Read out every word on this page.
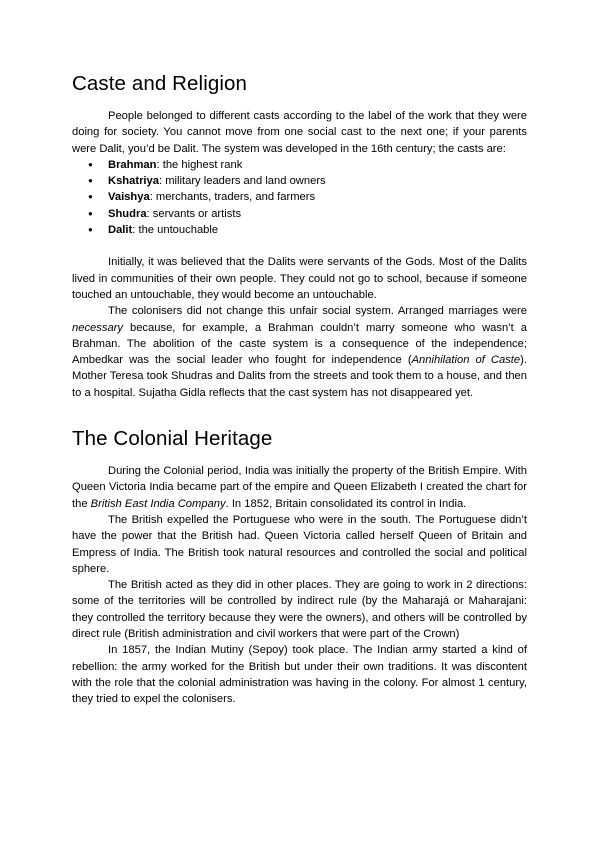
Caste and Religion

People belonged to different casts according to the label of the work that they were doing for society. You cannot move from one social cast to the next one; if your parents were Dalit, you’d be Dalit. The system was developed in the 16th century; the casts are:

● Brahman: the highest rank
● Kshatriya: military leaders and land owners
● Vaishya: merchants, traders, and farmers
● Shudra: servants or artists
● Dalit: the untouchable

Initially, it was believed that the Dalits were servants of the Gods. Most of the Dalits lived in communities of their own people. They could not go to school, because if someone touched an untouchable, they would become an untouchable.

The colonisers did not change this unfair social system. Arranged marriages were necessary because, for example, a Brahman couldn’t marry someone who wasn’t a Brahman. The abolition of the caste system is a consequence of the independence; Ambedkar was the social leader who fought for independence (Annihilation of Caste). Mother Teresa took Shudras and Dalits from the streets and took them to a house, and then to a hospital. Sujatha Gidla reflects that the cast system has not disappeared yet.

The Colonial Heritage

During the Colonial period, India was initially the property of the British Empire. With Queen Victoria India became part of the empire and Queen Elizabeth I created the chart for the British East India Company. In 1852, Britain consolidated its control in India.

The British expelled the Portuguese who were in the south. The Portuguese didn’t have the power that the British had. Queen Victoria called herself Queen of Britain and Empress of India. The British took natural resources and controlled the social and political sphere.

The British acted as they did in other places. They are going to work in 2 directions: some of the territories will be controlled by indirect rule (by the Maharajá or Maharajani: they controlled the territory because they were the owners), and others will be controlled by direct rule (British administration and civil workers that were part of the Crown)

In 1857, the Indian Mutiny (Sepoy) took place. The Indian army started a kind of rebellion: the army worked for the British but under their own traditions. It was discontent with the role that the colonial administration was having in the colony. For almost 1 century, they tried to expel the colonisers.
